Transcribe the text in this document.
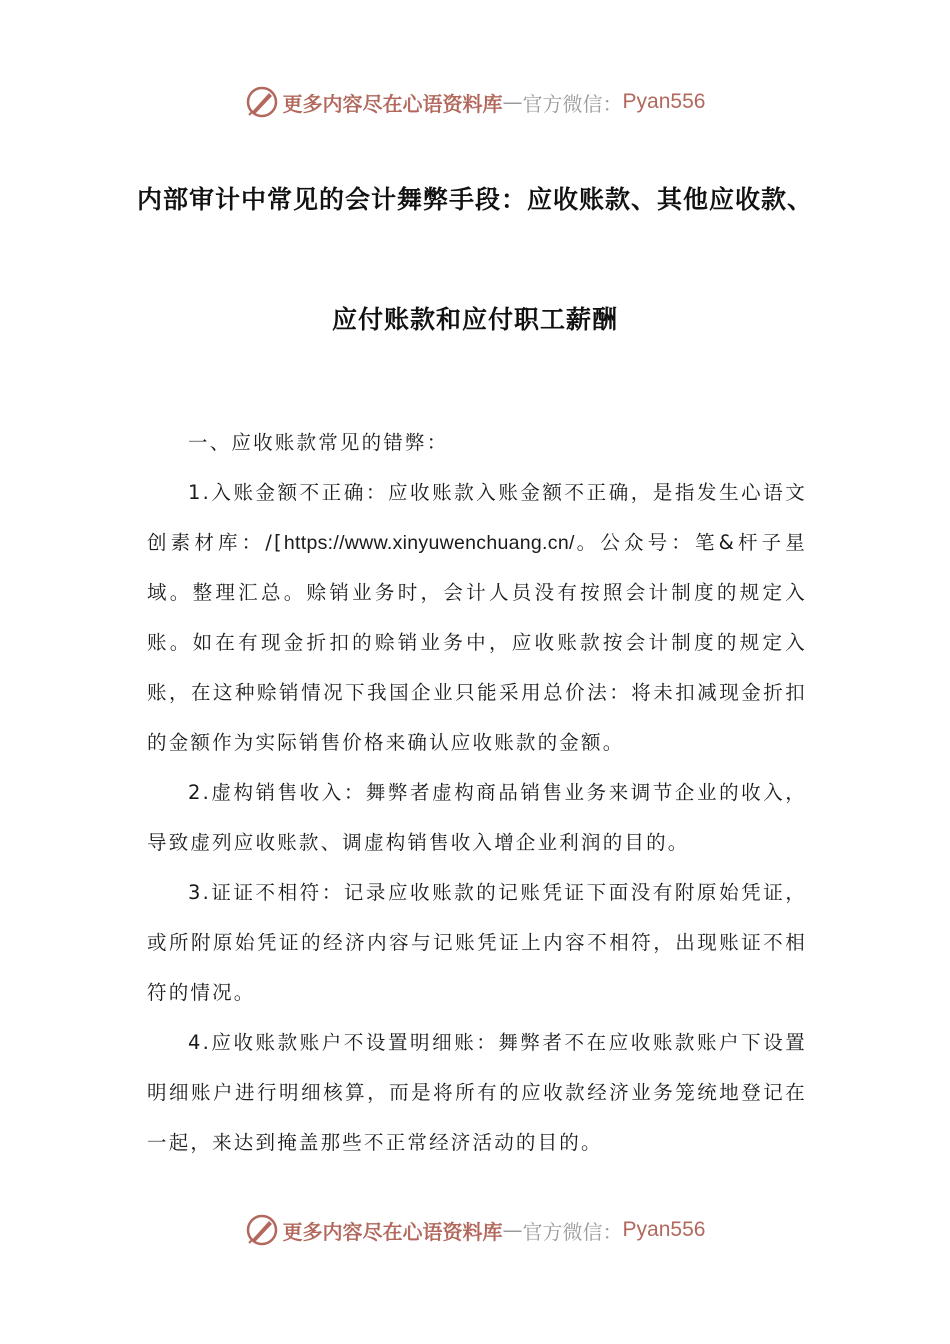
更多内容尽在心语资料库 — 官方微信： Pyan556
内部审计中常见的会计舞弊手段：应收账款、其他应收款、
应付账款和应付职工薪酬

一、应收账款常见的错弊：

1.入账金额不正确：应收账款入账金额不正确，是指发生心语文创素材库：/[https://www.xinyuwenchuang.cn/。公众号：笔&杆子星域。整理汇总。赊销业务时，会计人员没有按照会计制度的规定入账。如在有现金折扣的赊销业务中，应收账款按会计制度的规定入账，在这种赊销情况下我国企业只能采用总价法：将未扣减现金折扣的金额作为实际销售价格来确认应收账款的金额。

2.虚构销售收入：舞弊者虚构商品销售业务来调节企业的收入，导致虚列应收账款、调虚构销售收入增企业利润的目的。

3.证证不相符：记录应收账款的记账凭证下面没有附原始凭证，或所附原始凭证的经济内容与记账凭证上内容不相符，出现账证不相符的情况。

4.应收账款账户不设置明细账：舞弊者不在应收账款账户下设置明细账户进行明细核算，而是将所有的应收款经济业务笼统地登记在一起，来达到掩盖那些不正常经济活动的目的。

更多内容尽在心语资料库 — 官方微信： Pyan556
